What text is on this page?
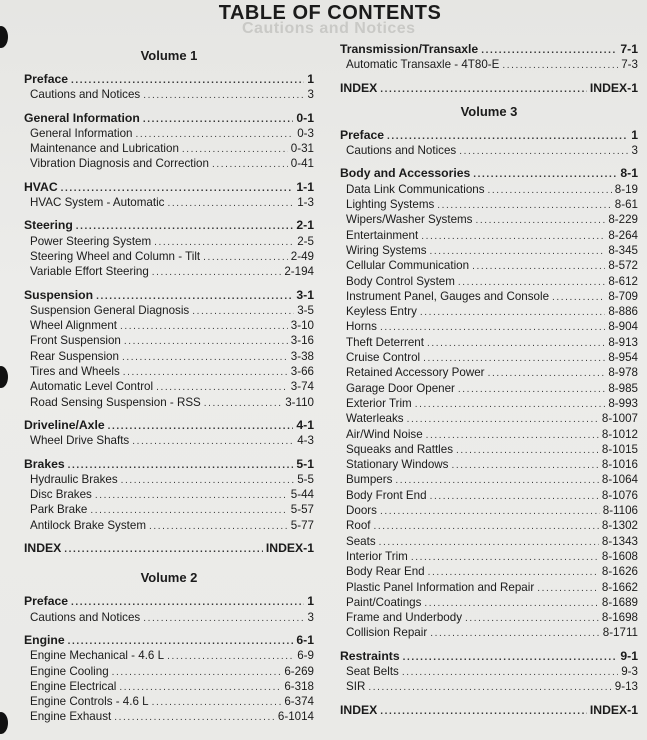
Cautions and Notices
TABLE OF CONTENTS
Volume 1
Preface .....	1
Cautions and Notices .....	3
General Information .....	0-1
General Information .....	0-3
Maintenance and Lubrication .....	0-31
Vibration Diagnosis and Correction .....	0-41
HVAC .....	1-1
HVAC System - Automatic .....	1-3
Steering .....	2-1
Power Steering System .....	2-5
Steering Wheel and Column - Tilt .....	2-49
Variable Effort Steering .....	2-194
Suspension .....	3-1
Suspension General Diagnosis .....	3-5
Wheel Alignment .....	3-10
Front Suspension .....	3-16
Rear Suspension .....	3-38
Tires and Wheels .....	3-66
Automatic Level Control .....	3-74
Road Sensing Suspension - RSS .....	3-110
Driveline/Axle .....	4-1
Wheel Drive Shafts .....	4-3
Brakes .....	5-1
Hydraulic Brakes .....	5-5
Disc Brakes .....	5-44
Park Brake .....	5-57
Antilock Brake System .....	5-77
INDEX .....	INDEX-1
Volume 2
Preface .....	1
Cautions and Notices .....	3
Engine .....	6-1
Engine Mechanical - 4.6 L .....	6-9
Engine Cooling .....	6-269
Engine Electrical .....	6-318
Engine Controls - 4.6 L .....	6-374
Engine Exhaust .....	6-1014
Transmission/Transaxle .....	7-1
Automatic Transaxle - 4T80-E .....	7-3
INDEX .....	INDEX-1
Volume 3
Preface .....	1
Cautions and Notices .....	3
Body and Accessories .....	8-1
Data Link Communications .....	8-19
Lighting Systems .....	8-61
Wipers/Washer Systems .....	8-229
Entertainment .....	8-264
Wiring Systems .....	8-345
Cellular Communication .....	8-572
Body Control System .....	8-612
Instrument Panel, Gauges and Console .....	8-709
Keyless Entry .....	8-886
Horns .....	8-904
Theft Deterrent .....	8-913
Cruise Control .....	8-954
Retained Accessory Power .....	8-978
Garage Door Opener .....	8-985
Exterior Trim .....	8-993
Waterleaks .....	8-1007
Air/Wind Noise .....	8-1012
Squeaks and Rattles .....	8-1015
Stationary Windows .....	8-1016
Bumpers .....	8-1064
Body Front End .....	8-1076
Doors .....	8-1106
Roof .....	8-1302
Seats .....	8-1343
Interior Trim .....	8-1608
Body Rear End .....	8-1626
Plastic Panel Information and Repair .....	8-1662
Paint/Coatings .....	8-1689
Frame and Underbody .....	8-1698
Collision Repair .....	8-1711
Restraints .....	9-1
Seat Belts .....	9-3
SIR .....	9-13
INDEX .....	INDEX-1
